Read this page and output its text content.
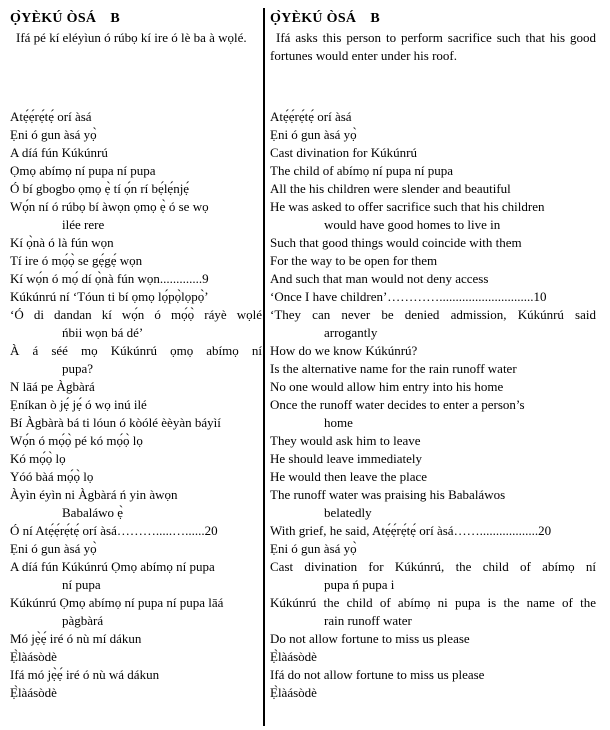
Ọ̀YÈKÚ ÒSÁ B
Ifá pé kí eléyìun ó rúbọ kí ire ó lè ba à wọlé.
Atẹ́ẹ́rẹ́tẹ́ orí àsá
Ẹni ó gun àsá yọ̀
A díá fún Kúkúnrú
Ọmọ abímọ ní pupa ní pupa
Ó bí gbogbo ọmọ ẹ̀ tí ọ́n rí bẹ́lẹ́njẹ́
Wọ́n ní ó rúbọ bí àwọn ọmọ ẹ̀ ó se wọ
ilée rere
Kí ọ̀nà ó là fún wọn
Tí ire ó mọ́ọ̀ se gẹ́gẹ́ wọn
Kí wọ́n ó mọ́ dí ọ̀nà fún wọn.............9
Kúkúnrú ní ‘Tóun ti bí ọmọ lọ́pọ̀lọpọ̀’
‘Ó di dandan kí wọ́n ó mọ́ọ̀ ráyè wọlé
ńbii wọn bá dé’
À á séé mọ Kúkúnrú ọmọ abímọ ní
pupa?
N lāá pe Àgbàrá
Ẹníkan ò jẹ́ jẹ́ ó wọ inú ilé
Bí Àgbàrà bá ti lóun ó kòólé èèyàn báyìí
Wọ́n ó mọ́ọ̀ pé kó mọ́ọ̀ lọ
Kó mọ́ọ̀ lọ
Yóó bàá mọ́ọ̀ lọ
Àyìn éyìn ni Àgbàrá ń yin àwọn
Babaláwo ẹ̀
Ó ní Atẹ́ẹ́rẹ́tẹ́ orí àsá……….....…......20
Ẹni ó gun àsá yọ̀
A díá fún Kúkúnrú Ọmọ abímọ ní pupa
ní pupa
Kúkúnrú Ọmọ abímọ ní pupa ní pupa lāá
pàgbàrá
Mó jẹ̀ẹ́ iré ó nù mí dákun
Ẹ̀làásòdè
Ifá mó jẹ̀ẹ́ iré ó nù wá dákun
Ẹ̀làásòdè
Ọ̀YÈKÚ ÒSÁ B
Ifá asks this person to perform sacrifice such that his good fortunes would enter under his roof.
Atẹ́ẹ́rẹ́tẹ́ orí àsá
Ẹni ó gun àsá yọ̀
Cast divination for Kúkúnrú
The child of abímọ ní pupa ní pupa
All the his children were slender and beautiful
He was asked to offer sacrifice such that his children
would have good homes to live in
Such that good things would coincide with them
For the way to be open for them
And such that man would not deny access
‘Once I have children’………….............................10
‘They can never be denied admission, Kúkúnrú said
arrogantly
How do we know Kúkúnrú?
Is the alternative name for the rain runoff water
No one would allow him entry into his home
Once the runoff water decides to enter a person’s
home
They would ask him to leave
He should leave immediately
He would then leave the place
The runoff water was praising his Babaláwos
belatedly
With grief, he said, Atẹ́ẹ́rẹ́tẹ́ orí àsá……..................20
Ẹni ó gun àsá yọ̀
Cast divination for Kúkúnrú, the child of abímọ ní
pupa ń pupa i
Kúkúnrú the child of abímọ ni pupa is the name of the
rain runoff water
Do not allow fortune to miss us please
Ẹ̀làásòdè
Ifá do not allow fortune to miss us please
Ẹ̀làásòdè
